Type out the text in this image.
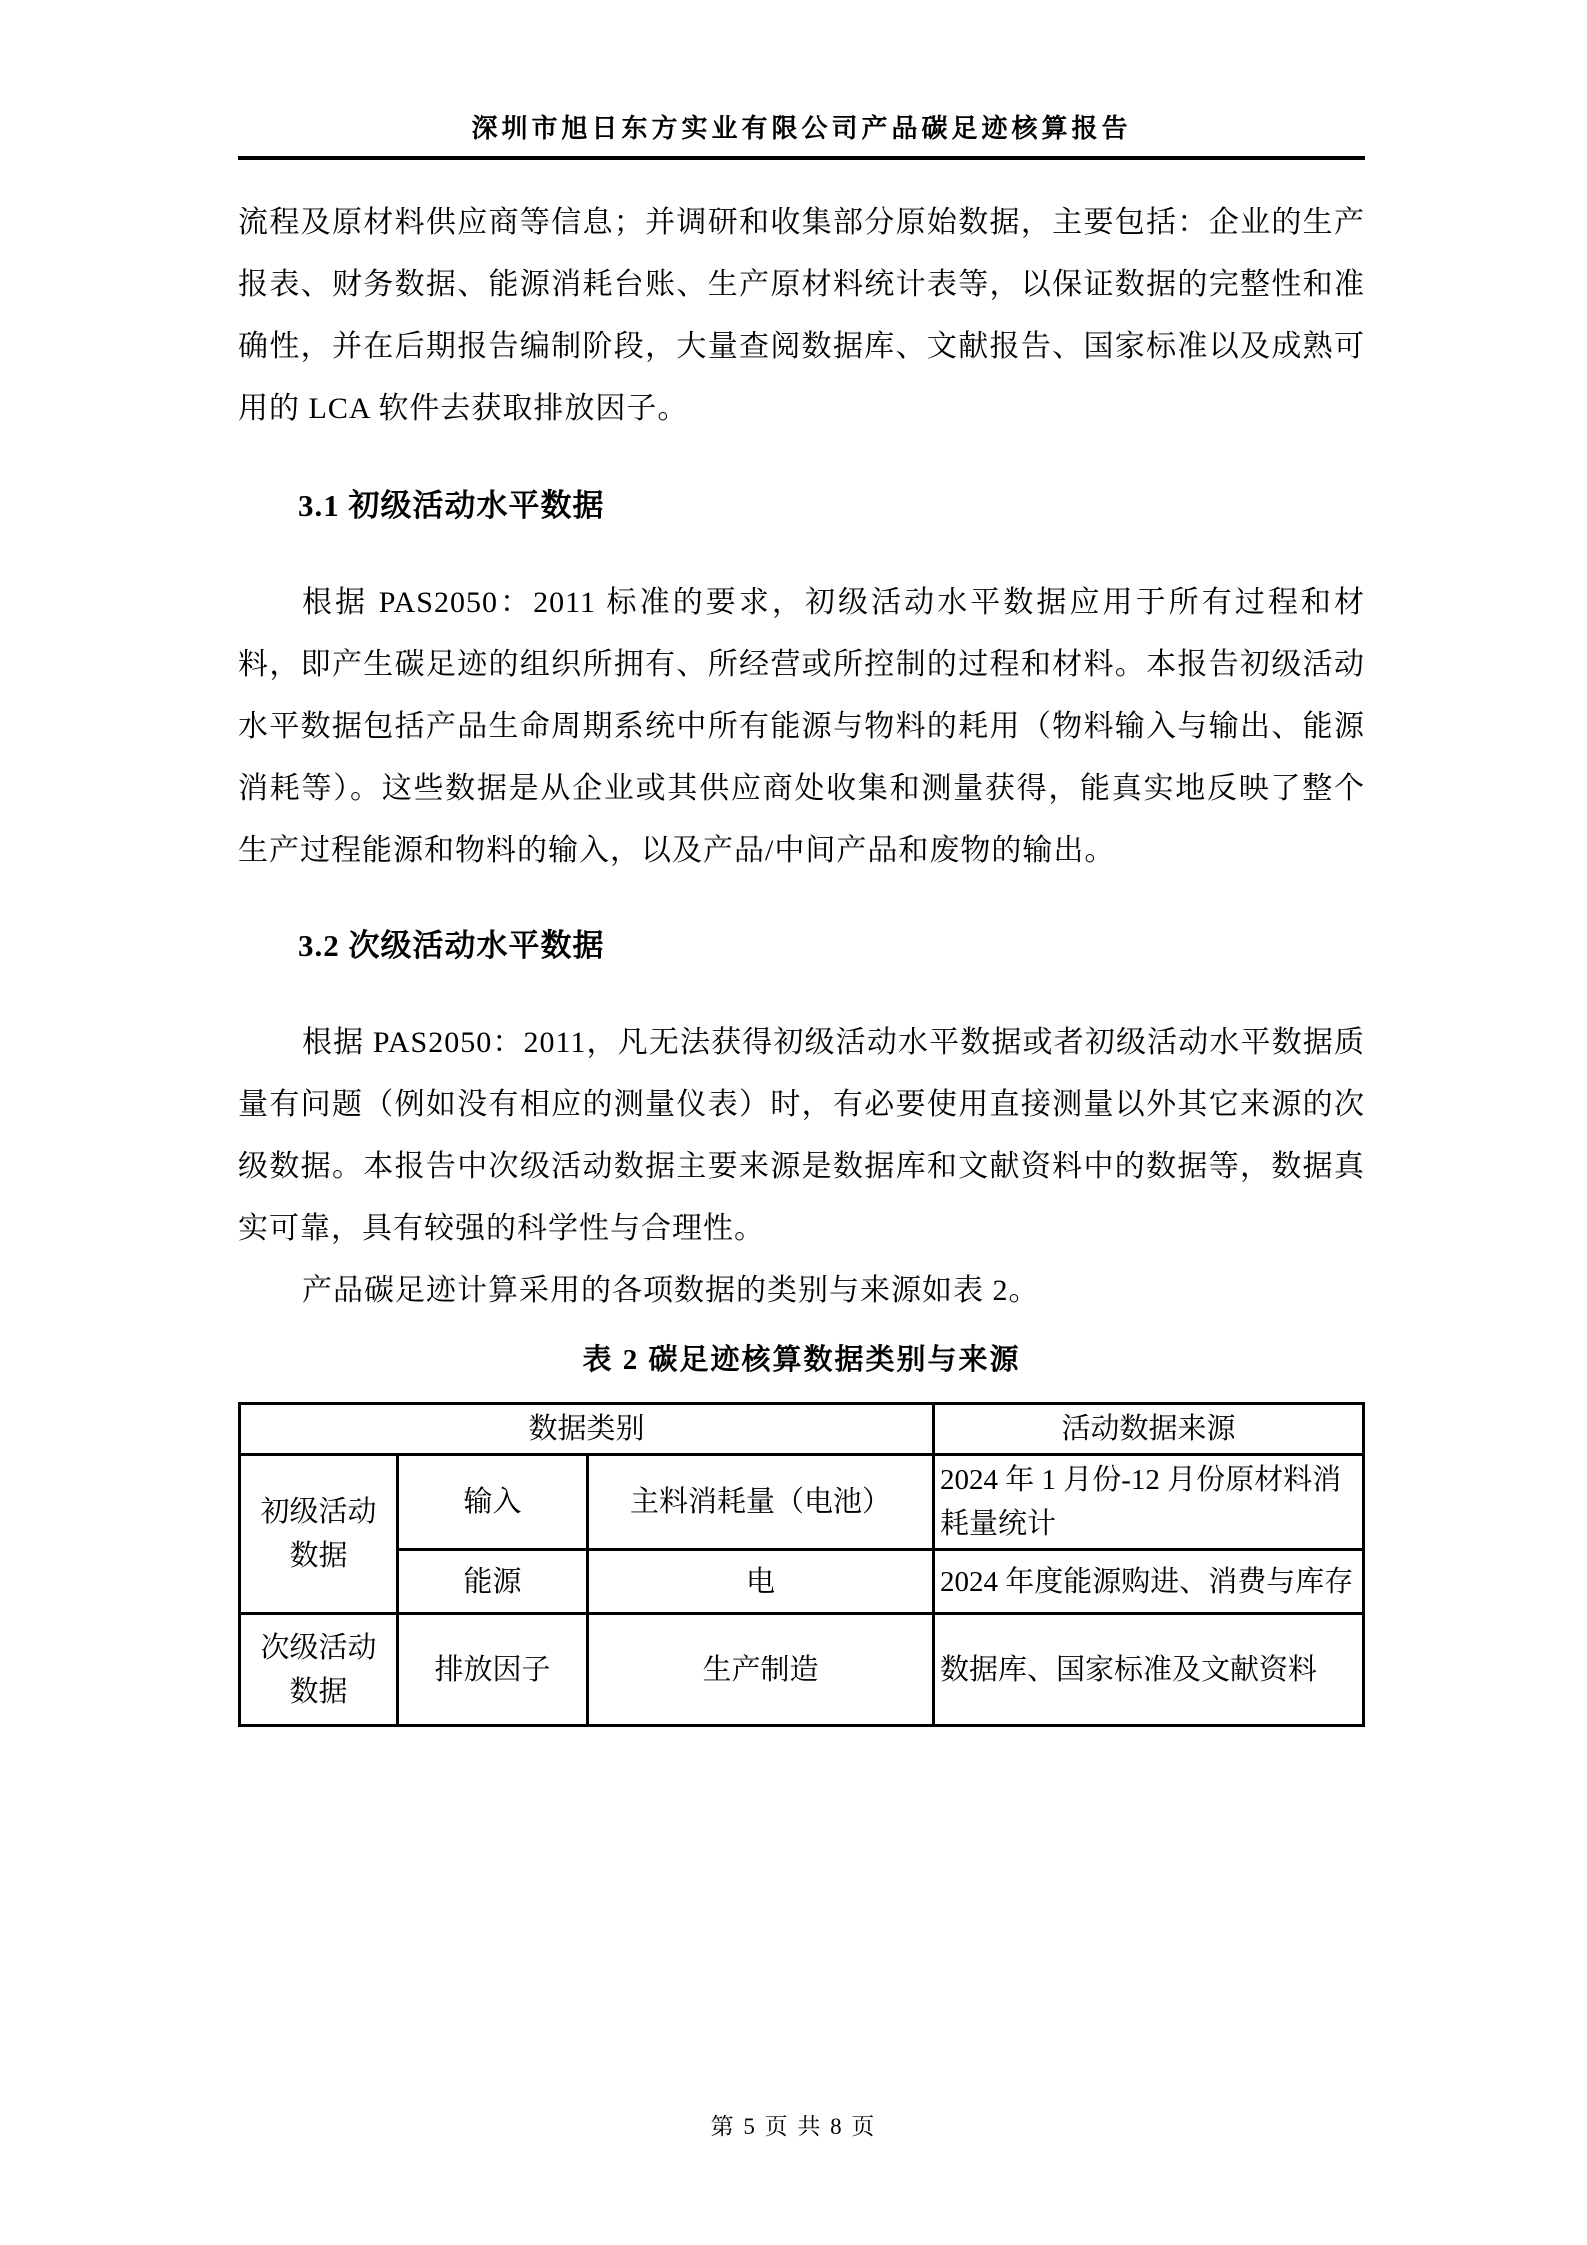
深圳市旭日东方实业有限公司产品碳足迹核算报告

流程及原材料供应商等信息；并调研和收集部分原始数据，主要包括：企业的生产报表、财务数据、能源消耗台账、生产原材料统计表等，以保证数据的完整性和准确性，并在后期报告编制阶段，大量查阅数据库、文献报告、国家标准以及成熟可用的 LCA 软件去获取排放因子。

3.1 初级活动水平数据

根据 PAS2050：2011 标准的要求，初级活动水平数据应用于所有过程和材料，即产生碳足迹的组织所拥有、所经营或所控制的过程和材料。本报告初级活动水平数据包括产品生命周期系统中所有能源与物料的耗用（物料输入与输出、能源消耗等）。这些数据是从企业或其供应商处收集和测量获得，能真实地反映了整个生产过程能源和物料的输入，以及产品/中间产品和废物的输出。

3.2 次级活动水平数据

根据 PAS2050：2011，凡无法获得初级活动水平数据或者初级活动水平数据质量有问题（例如没有相应的测量仪表）时，有必要使用直接测量以外其它来源的次级数据。本报告中次级活动数据主要来源是数据库和文献资料中的数据等，数据真实可靠，具有较强的科学性与合理性。

产品碳足迹计算采用的各项数据的类别与来源如表 2。

表 2 碳足迹核算数据类别与来源
数据类别			活动数据来源
初级活动数据	输入	主料消耗量（电池）	2024 年 1 月份-12 月份原材料消耗量统计
	能源	电	2024 年度能源购进、消费与库存
次级活动数据	排放因子	生产制造	数据库、国家标准及文献资料
第 5 页 共 8 页
